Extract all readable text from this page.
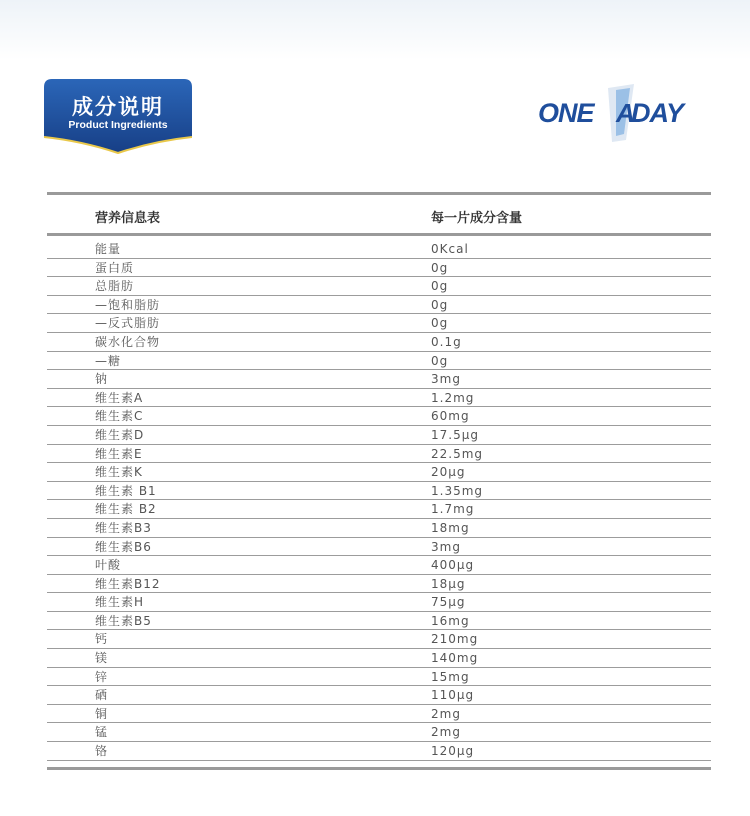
成分说明
Product Ingredients	ONE A
DAY
营养信息表	每一片成分含量
能量	0Kcal
蛋白质	0g
总脂肪	0g
—饱和脂肪	0g
—反式脂肪	0g
碳水化合物	0.1g
—糖	0g
钠	3mg
维生素A	1.2mg
维生素C	60mg
维生素D	17.5μg
维生素E	22.5mg
维生素K	20μg
维生素 B1	1.35mg
维生素 B2	1.7mg
维生素B3	18mg
维生素B6	3mg
叶酸	400μg
维生素B12	18μg
维生素H	75μg
维生素B5	16mg
钙	210mg
镁	140mg
锌	15mg
硒	110μg
铜	2mg
锰	2mg
铬	120μg
